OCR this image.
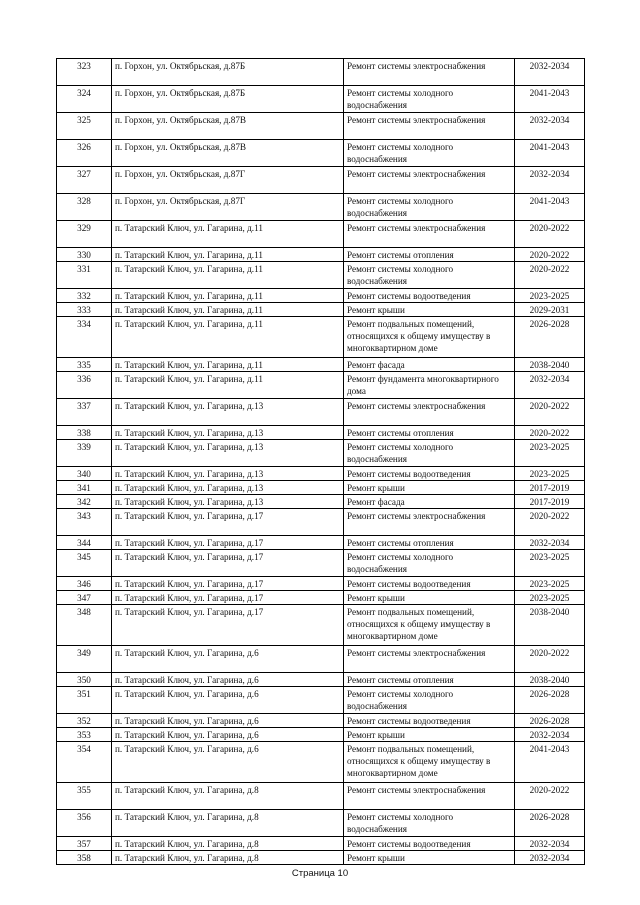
323	п. Горхон, ул. Октябрьская, д.87Б	Ремонт системы электроснабжения	2032-2034
324	п. Горхон, ул. Октябрьская, д.87Б	Ремонт системы холодного водоснабжения	2041-2043
325	п. Горхон, ул. Октябрьская, д.87В	Ремонт системы электроснабжения	2032-2034
326	п. Горхон, ул. Октябрьская, д.87В	Ремонт системы холодного водоснабжения	2041-2043
327	п. Горхон, ул. Октябрьская, д.87Г	Ремонт системы электроснабжения	2032-2034
328	п. Горхон, ул. Октябрьская, д.87Г	Ремонт системы холодного водоснабжения	2041-2043
329	п. Татарский Ключ, ул. Гагарина, д.11	Ремонт системы электроснабжения	2020-2022
330	п. Татарский Ключ, ул. Гагарина, д.11	Ремонт системы отопления	2020-2022
331	п. Татарский Ключ, ул. Гагарина, д.11	Ремонт системы холодного водоснабжения	2020-2022
332	п. Татарский Ключ, ул. Гагарина, д.11	Ремонт системы водоотведения	2023-2025
333	п. Татарский Ключ, ул. Гагарина, д.11	Ремонт крыши	2029-2031
334	п. Татарский Ключ, ул. Гагарина, д.11	Ремонт подвальных помещений, относящихся к общему имуществу в многоквартирном доме	2026-2028
335	п. Татарский Ключ, ул. Гагарина, д.11	Ремонт фасада	2038-2040
336	п. Татарский Ключ, ул. Гагарина, д.11	Ремонт фундамента многоквартирного дома	2032-2034
337	п. Татарский Ключ, ул. Гагарина, д.13	Ремонт системы электроснабжения	2020-2022
338	п. Татарский Ключ, ул. Гагарина, д.13	Ремонт системы отопления	2020-2022
339	п. Татарский Ключ, ул. Гагарина, д.13	Ремонт системы холодного водоснабжения	2023-2025
340	п. Татарский Ключ, ул. Гагарина, д.13	Ремонт системы водоотведения	2023-2025
341	п. Татарский Ключ, ул. Гагарина, д.13	Ремонт крыши	2017-2019
342	п. Татарский Ключ, ул. Гагарина, д.13	Ремонт фасада	2017-2019
343	п. Татарский Ключ, ул. Гагарина, д.17	Ремонт системы электроснабжения	2020-2022
344	п. Татарский Ключ, ул. Гагарина, д.17	Ремонт системы отопления	2032-2034
345	п. Татарский Ключ, ул. Гагарина, д.17	Ремонт системы холодного водоснабжения	2023-2025
346	п. Татарский Ключ, ул. Гагарина, д.17	Ремонт системы водоотведения	2023-2025
347	п. Татарский Ключ, ул. Гагарина, д.17	Ремонт крыши	2023-2025
348	п. Татарский Ключ, ул. Гагарина, д.17	Ремонт подвальных помещений, относящихся к общему имуществу в многоквартирном доме	2038-2040
349	п. Татарский Ключ, ул. Гагарина, д.6	Ремонт системы электроснабжения	2020-2022
350	п. Татарский Ключ, ул. Гагарина, д.6	Ремонт системы отопления	2038-2040
351	п. Татарский Ключ, ул. Гагарина, д.6	Ремонт системы холодного водоснабжения	2026-2028
352	п. Татарский Ключ, ул. Гагарина, д.6	Ремонт системы водоотведения	2026-2028
353	п. Татарский Ключ, ул. Гагарина, д.6	Ремонт крыши	2032-2034
354	п. Татарский Ключ, ул. Гагарина, д.6	Ремонт подвальных помещений, относящихся к общему имуществу в многоквартирном доме	2041-2043
355	п. Татарский Ключ, ул. Гагарина, д.8	Ремонт системы электроснабжения	2020-2022
356	п. Татарский Ключ, ул. Гагарина, д.8	Ремонт системы холодного водоснабжения	2026-2028
357	п. Татарский Ключ, ул. Гагарина, д.8	Ремонт системы водоотведения	2032-2034
358	п. Татарский Ключ, ул. Гагарина, д.8	Ремонт крыши	2032-2034
Страница 10
